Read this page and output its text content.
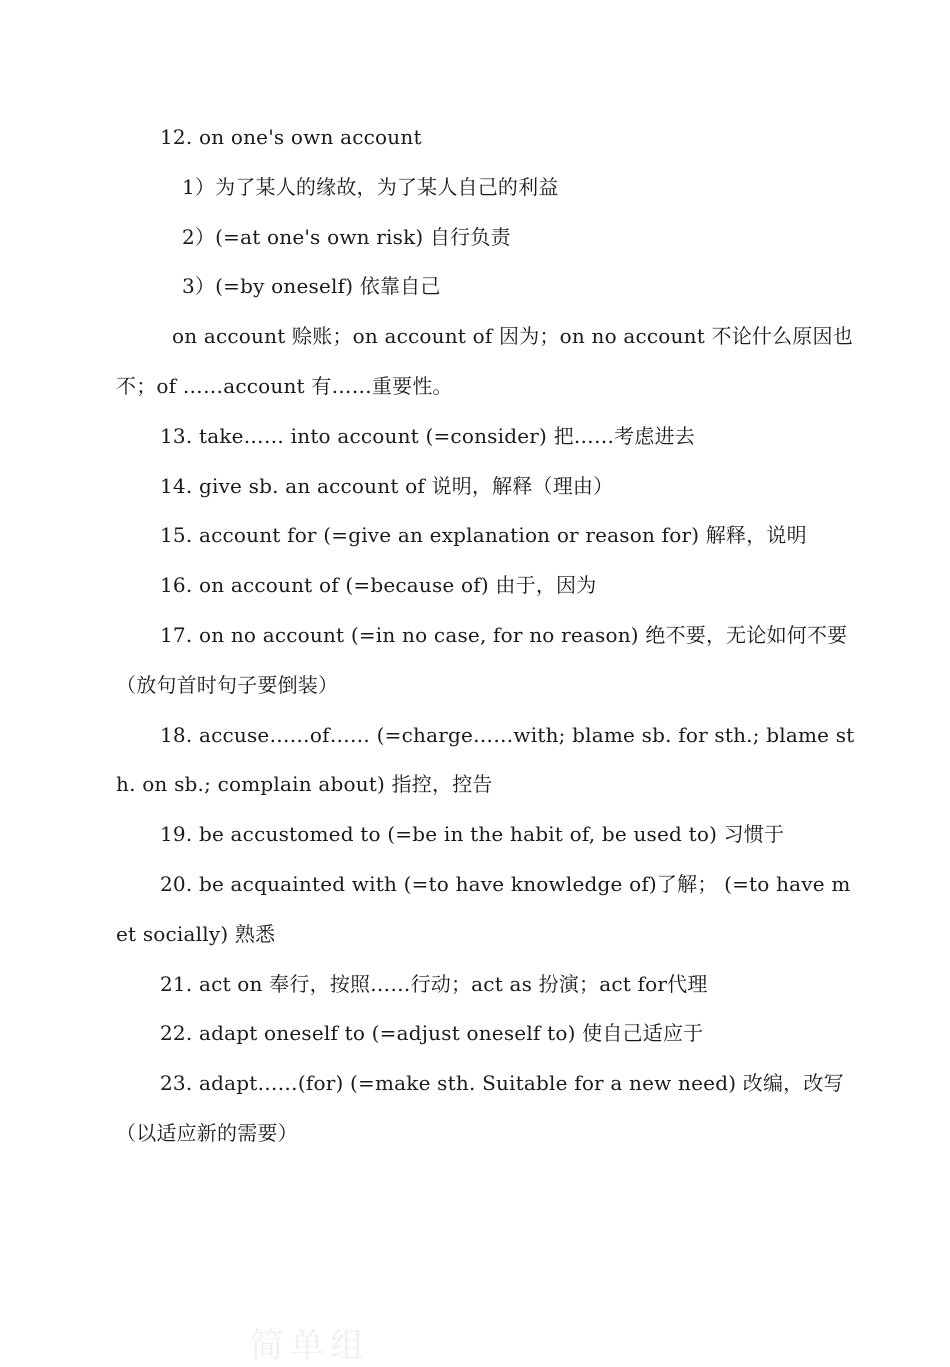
12. on one's own account

1）为了某人的缘故，为了某人自己的利益

2）(=at one's own risk) 自行负责

3）(=by oneself) 依靠自己

on account 赊账；on account of 因为；on no account 不论什么原因也不；of ……account 有……重要性。

13. take…… into account (=consider) 把……考虑进去

14. give sb. an account of 说明，解释（理由）

15. account for (=give an explanation or reason for) 解释，说明

16. on account of (=because of) 由于，因为

17. on no account (=in no case, for no reason) 绝不要，无论如何不要（放句首时句子要倒装）

18. accuse……of…… (=charge……with; blame sb. for sth.; blame sth. on sb.; complain about) 指控，控告

19. be accustomed to (=be in the habit of, be used to) 习惯于

20. be acquainted with (=to have knowledge of)了解； (=to have met socially) 熟悉

21. act on 奉行，按照……行动；act as 扮演；act for代理

22. adapt oneself to (=adjust oneself to) 使自己适应于

23. adapt……(for) (=make sth. Suitable for a new need) 改编，改写（以适应新的需要）

简单组
